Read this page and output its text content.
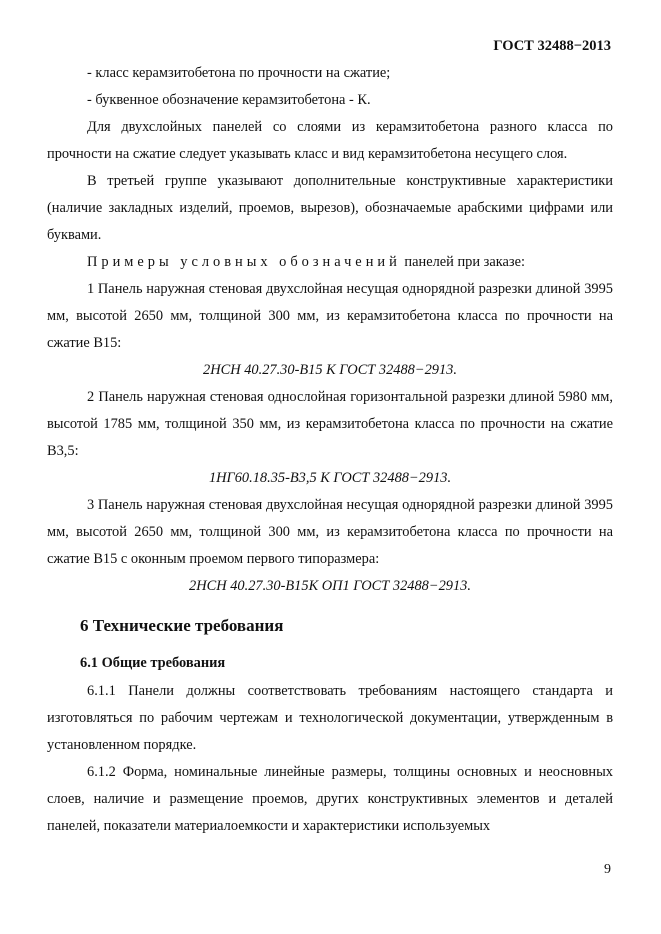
ГОСТ 32488−2013

- класс керамзитобетона по прочности на сжатие;

- буквенное обозначение керамзитобетона - К.

Для двухслойных панелей со слоями из керамзитобетона разного класса по прочности на сжатие следует указывать класс и вид керамзитобетона несущего слоя.

В третьей группе указывают дополнительные конструктивные характеристики (наличие закладных изделий, проемов, вырезов), обозначаемые арабскими цифрами или буквами.

Примеры условных обозначений панелей при заказе:

1 Панель наружная стеновая двухслойная несущая однорядной разрезки длиной 3995 мм, высотой 2650 мм, толщиной 300 мм, из керамзитобетона класса по прочности на сжатие В15:

2НСН 40.27.30-В15 К ГОСТ 32488−2913.

2 Панель наружная стеновая однослойная горизонтальной разрезки длиной 5980 мм, высотой 1785 мм, толщиной 350 мм, из керамзитобетона класса по прочности на сжатие В3,5:

1НГ60.18.35-В3,5 К ГОСТ 32488−2913.

3 Панель наружная стеновая двухслойная несущая однорядной разрезки длиной 3995 мм, высотой 2650 мм, толщиной 300 мм, из керамзитобетона класса по прочности на сжатие В15 с оконным проемом первого типоразмера:

2НСН 40.27.30-В15К ОП1 ГОСТ 32488−2913.

6 Технические требования
6.1 Общие требования

6.1.1 Панели должны соответствовать требованиям настоящего стандарта и изготовляться по рабочим чертежам и технологической документации, утвержденным в установленном порядке.

6.1.2 Форма, номинальные линейные размеры, толщины основных и неосновных слоев, наличие и размещение проемов, других конструктивных элементов и деталей панелей, показатели материалоемкости и характеристики используемых

9
